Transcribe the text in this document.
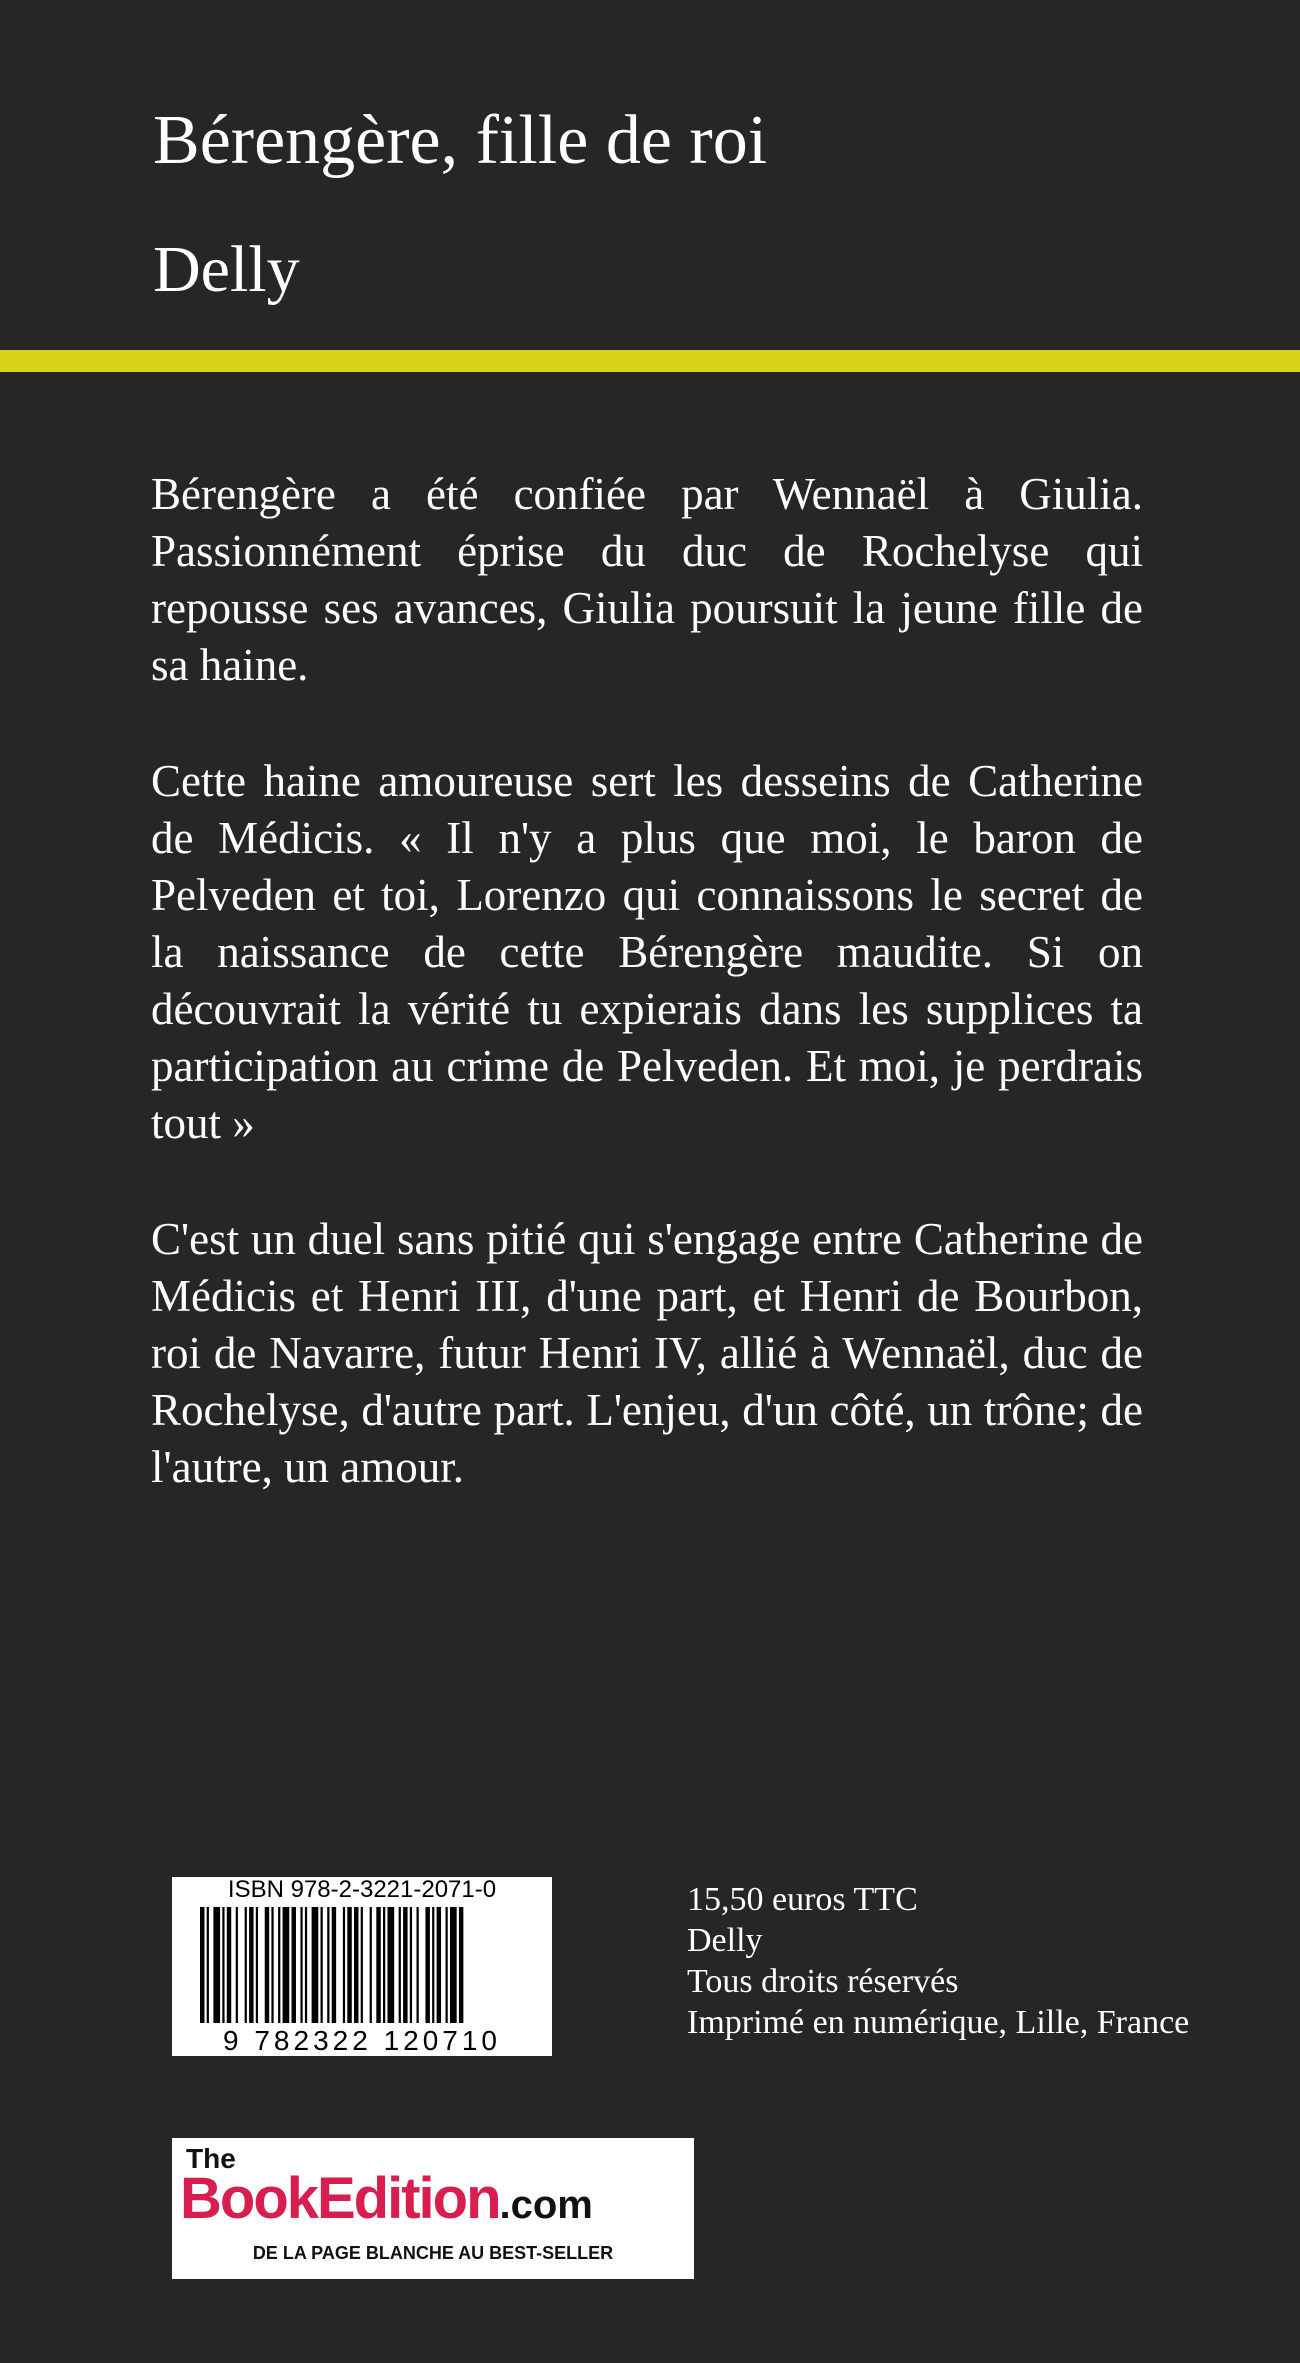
Bérengère, fille de roi
Delly

Bérengère a été confiée par Wennaël à Giulia. Passionnément éprise du duc de Rochelyse qui repousse ses avances, Giulia poursuit la jeune fille de sa haine.

Cette haine amoureuse sert les desseins de Catherine de Médicis. « Il n'y a plus que moi, le baron de Pelveden et toi, Lorenzo qui connaissons le secret de la naissance de cette Bérengère maudite. Si on découvrait la vérité tu expierais dans les supplices ta participation au crime de Pelveden. Et moi, je perdrais tout »

C'est un duel sans pitié qui s'engage entre Catherine de Médicis et Henri III, d'une part, et Henri de Bourbon, roi de Navarre, futur Henri IV, allié à Wennaël, duc de Rochelyse, d'autre part. L'enjeu, d'un côté, un trône; de l'autre, un amour.

ISBN 978-2-3221-2071-0
9 782322 120710
15,50 euros TTC
Delly
Tous droits réservés
Imprimé en numérique, Lille, France
The
BookEdition.com
DE LA PAGE BLANCHE AU BEST-SELLER
